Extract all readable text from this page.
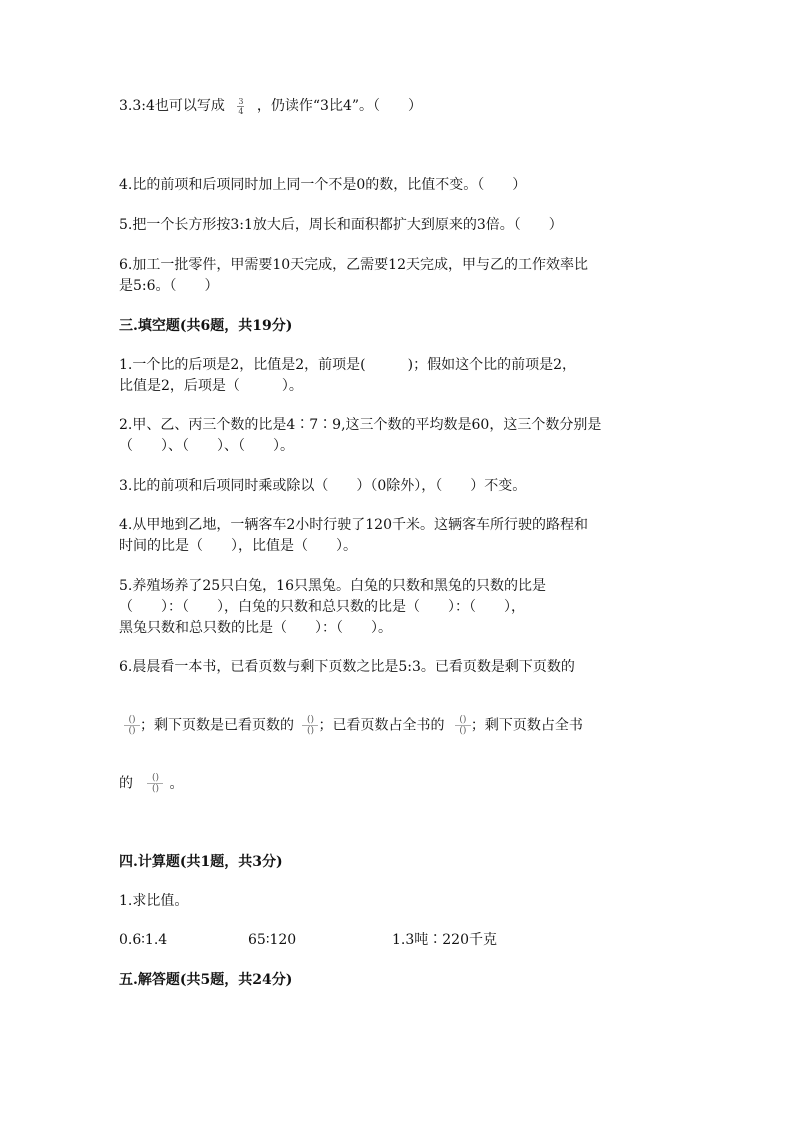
3.3:4也可以写成 $\frac{3}{4}$ ，仍读作“3比4”。（　　）
4.比的前项和后项同时加上同一个不是0的数，比值不变。（　　）
5.把一个长方形按3:1放大后，周长和面积都扩大到原来的3倍。（　　）
6.加工一批零件，甲需要10天完成，乙需要12天完成，甲与乙的工作效率比
是5:6。（　　）
三.填空题(共6题，共19分)
1.一个比的后项是2，比值是2，前项是(　　　)；假如这个比的前项是2，
比值是2，后项是（　　　）。
2.甲、乙、丙三个数的比是4∶7∶9,这三个数的平均数是60，这三个数分别是
（　　）、（　　）、（　　）。
3.比的前项和后项同时乘或除以（　　）（0除外），（　　）不变。
4.从甲地到乙地，一辆客车2小时行驶了120千米。这辆客车所行驶的路程和
时间的比是（　　），比值是（　　）。
5.养殖场养了25只白兔，16只黑兔。白兔的只数和黑兔的只数的比是
（　　）：（　　），白兔的只数和总只数的比是（　　）：（　　），
黑兔只数和总只数的比是（　　）：（　　）。
6.晨晨看一本书，已看页数与剩下页数之比是5:3。已看页数是剩下页数的
$\frac{()}{()}$；剩下页数是已看页数的 $\frac{()}{()}$；已看页数占全书的 $\frac{()}{()}$；剩下页数占全书
的 $\frac{()}{()}$ 。
四.计算题(共1题，共3分)
1.求比值。
0.6∶1.4	65∶120	1.3吨∶220千克
五.解答题(共5题，共24分)
